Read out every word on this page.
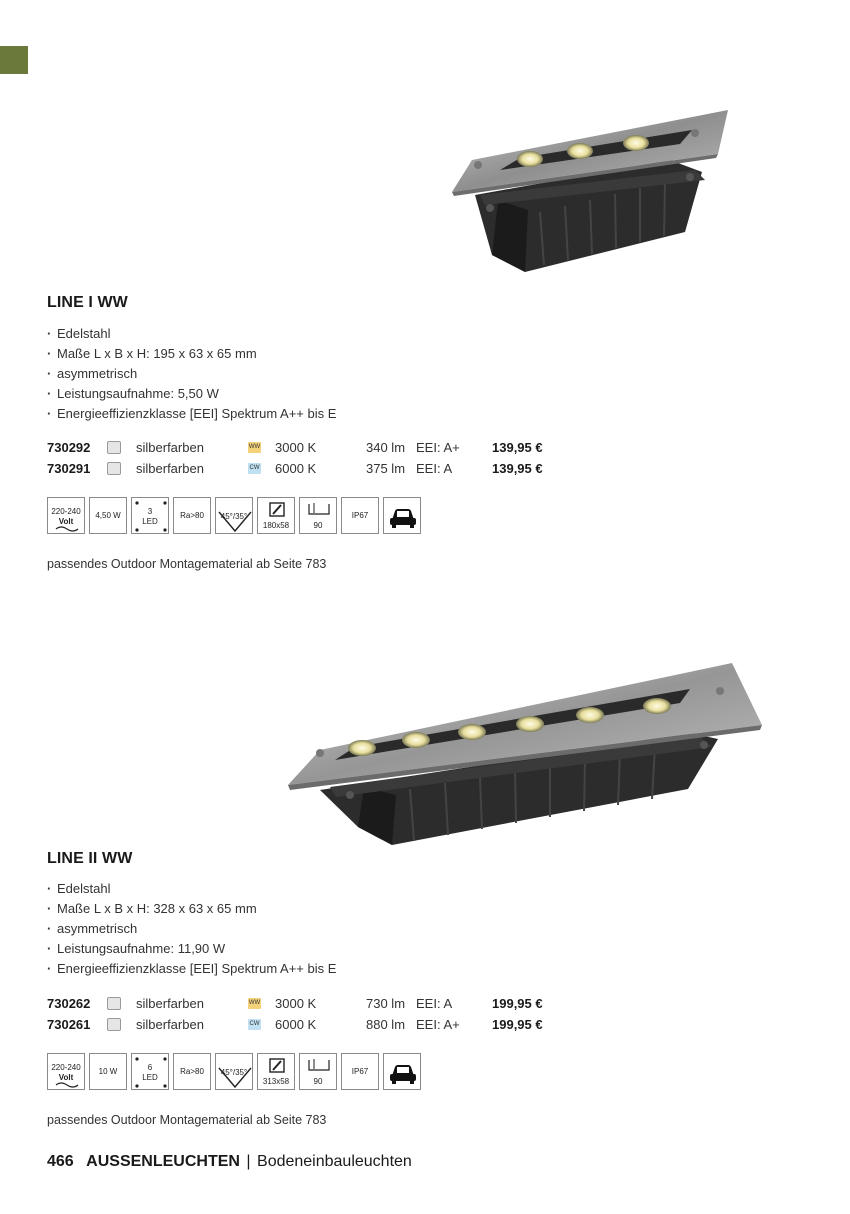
LINE I WW
· Edelstahl
· Maße L x B x H: 195 x 63 x 65 mm
· asymmetrisch
· Leistungsaufnahme: 5,50 W
· Energieeffizienzklasse [EEI] Spektrum A++ bis E
730292	silberfarben	WW 3000 K	340 lm EEI: A+ 139,95 €
730291	silberfarben	CW 6000 K	375 lm EEI: A	139,95 €
220-240
Volt
4,50 W	3
LED
Ra>80	45°/35°
180x58	90
IP67
passendes Outdoor Montagematerial ab Seite 783
LINE II WW
· Edelstahl
· Maße L x B x H: 328 x 63 x 65 mm
· asymmetrisch
· Leistungsaufnahme: 11,90 W
· Energieeffizienzklasse [EEI] Spektrum A++ bis E
730262	silberfarben	WW 3000 K	730 lm EEI: A	199,95 €
730261	silberfarben	CW 6000 K	880 lm EEI: A+ 199,95 €
220-240
Volt
10 W	6
LED
Ra>80	45°/35°
313x58	90
IP67
passendes Outdoor Montagematerial ab Seite 783
466 AUSSENLEUCHTEN | Bodeneinbauleuchten
